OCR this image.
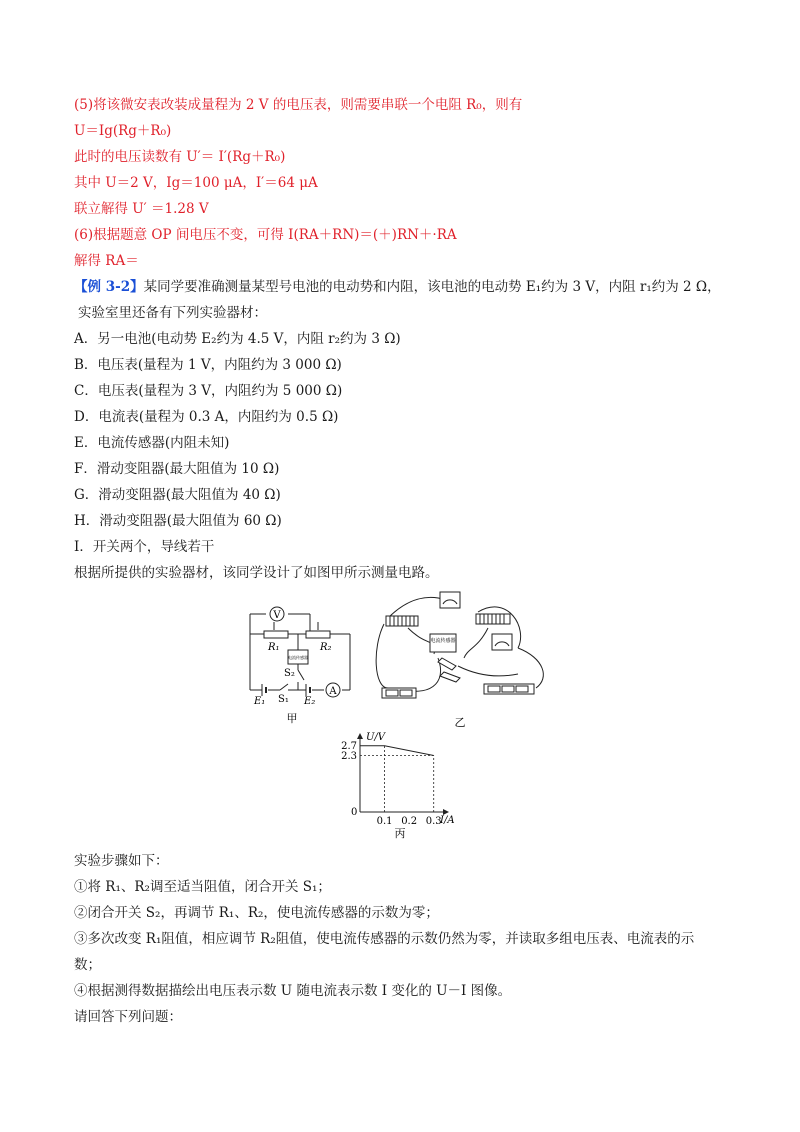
(5)将该微安表改装成量程为 2 V 的电压表，则需要串联一个电阻 R₀，则有
U＝Ig(Rg＋R₀)
此时的电压读数有 U′＝ I′(Rg＋R₀)
其中 U＝2 V，Ig＝100 μA，I′＝64 μA
联立解得 U′ ＝1.28 V
(6)根据题意 OP 间电压不变，可得 I(RA＋RN)＝(＋)RN＋·RA
解得 RA＝
【例 3-2】某同学要准确测量某型号电池的电动势和内阻，该电池的电动势 E₁约为 3 V，内阻 r₁约为 2 Ω，
实验室里还备有下列实验器材：
A．另一电池(电动势 E₂约为 4.5 V，内阻 r₂约为 3 Ω)
B．电压表(量程为 1 V，内阻约为 3 000 Ω)
C．电压表(量程为 3 V，内阻约为 5 000 Ω)
D．电流表(量程为 0.3 A，内阻约为 0.5 Ω)
E．电流传感器(内阻未知)
F．滑动变阻器(最大阻值为 10 Ω)
G．滑动变阻器(最大阻值为 40 Ω)
H．滑动变阻器(最大阻值为 60 Ω)
I．开关两个，导线若干
根据所提供的实验器材，该同学设计了如图甲所示测量电路。
V
A
R₁	R₂
电流传感器
S₂
S₁
E₁	E₂
甲
电流传感器
乙
0.1 0.2 0.3
2.3
2.7
U/V
I/A
0
丙
实验步骤如下：
①将 R₁、R₂调至适当阻值，闭合开关 S₁；
②闭合开关 S₂，再调节 R₁、R₂，使电流传感器的示数为零；
③多次改变 R₁阻值，相应调节 R₂阻值，使电流传感器的示数仍然为零，并读取多组电压表、电流表的示
数；
④根据测得数据描绘出电压表示数 U 随电流表示数 I 变化的 U－I 图像。
请回答下列问题：
